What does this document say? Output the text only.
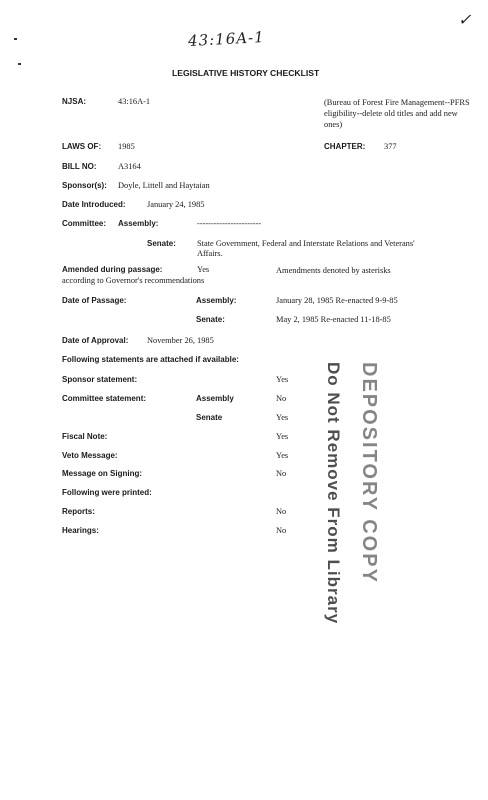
✓
43:16A-1
LEGISLATIVE HISTORY CHECKLIST
NJSA:	43:16A-1	(Bureau of Forest Fire Management--PFRS eligibility--delete old titles and add new ones)
LAWS OF: 1985	CHAPTER: 377
BILL NO:	A3164
Sponsor(s): Doyle, Littell and Haytaian
Date Introduced:	January 24, 1985
Committee: Assembly:	-----------------------
Senate:	State Government, Federal and Interstate Relations and Veterans' Affairs.
Amended during passage:	Yes	Amendments denoted by asterisks
according to Governor's recommendations
Date of Passage:	Assembly:	January 28, 1985 Re-enacted 9-9-85
Senate:	May 2, 1985 Re-enacted 11-18-85
Date of Approval: November 26, 1985
Following statements are attached if available:
Sponsor statement:	Yes
Committee statement:	Assembly	No
Senate	Yes
Fiscal Note:	Yes
Veto Message:	Yes
Message on Signing:	No
Following were printed:
Reports:	No
Hearings:	No Do Not Remove From Library DEPOSITORY COPY
